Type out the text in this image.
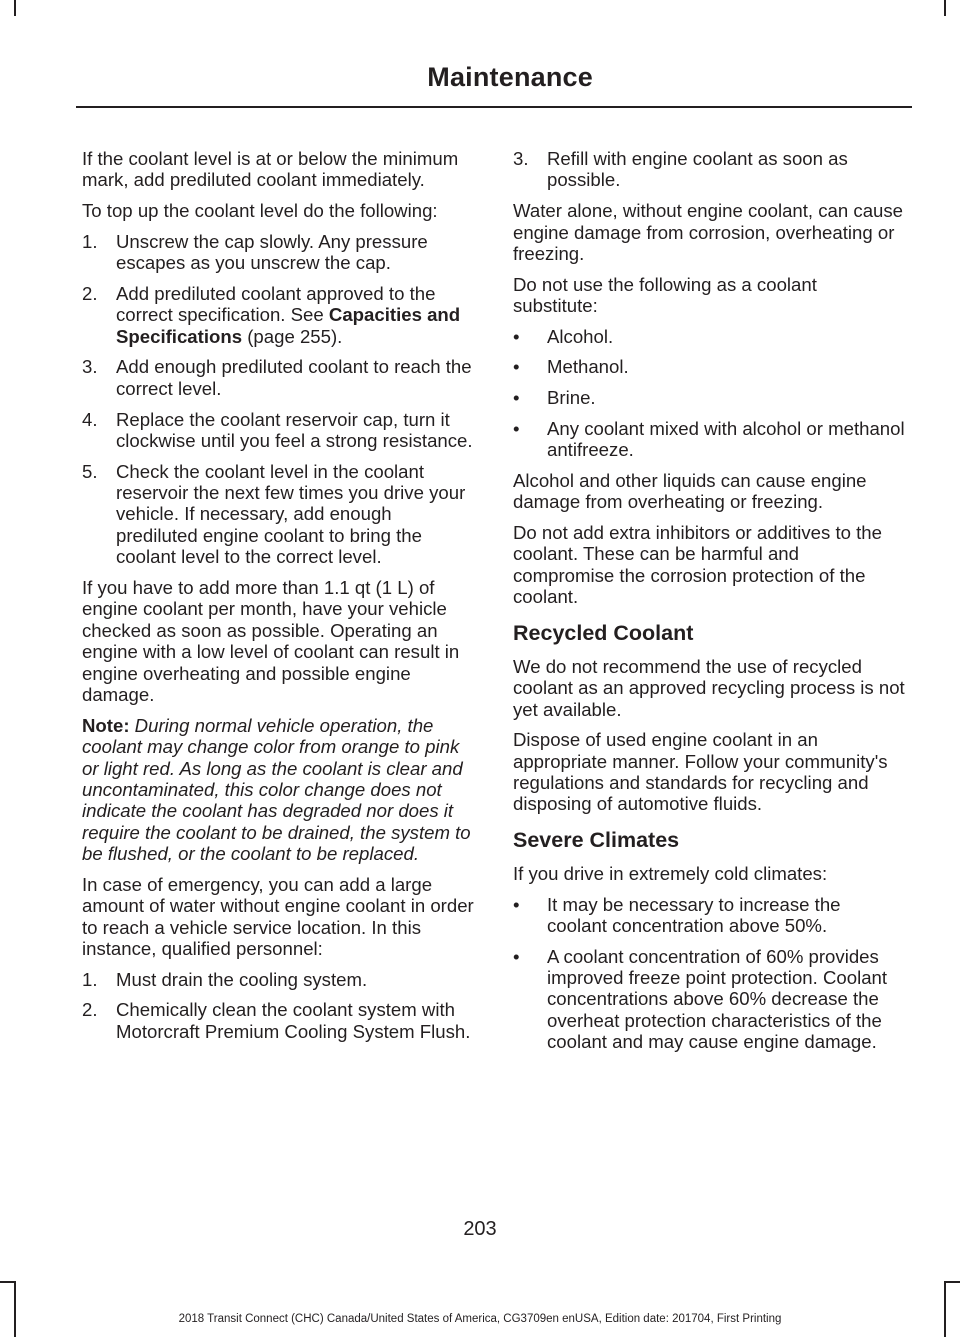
Maintenance
If the coolant level is at or below the minimum mark, add prediluted coolant immediately.
To top up the coolant level do the following:
1. Unscrew the cap slowly. Any pressure escapes as you unscrew the cap.
2. Add prediluted coolant approved to the correct specification. See Capacities and Specifications (page 255).
3. Add enough prediluted coolant to reach the correct level.
4. Replace the coolant reservoir cap, turn it clockwise until you feel a strong resistance.
5. Check the coolant level in the coolant reservoir the next few times you drive your vehicle. If necessary, add enough prediluted engine coolant to bring the coolant level to the correct level.
If you have to add more than 1.1 qt (1 L) of engine coolant per month, have your vehicle checked as soon as possible. Operating an engine with a low level of coolant can result in engine overheating and possible engine damage.
Note: During normal vehicle operation, the coolant may change color from orange to pink or light red. As long as the coolant is clear and uncontaminated, this color change does not indicate the coolant has degraded nor does it require the coolant to be drained, the system to be flushed, or the coolant to be replaced.
In case of emergency, you can add a large amount of water without engine coolant in order to reach a vehicle service location. In this instance, qualified personnel:
1. Must drain the cooling system.
2. Chemically clean the coolant system with Motorcraft Premium Cooling System Flush.
3. Refill with engine coolant as soon as possible.
Water alone, without engine coolant, can cause engine damage from corrosion, overheating or freezing.
Do not use the following as a coolant substitute:
• Alcohol.
• Methanol.
• Brine.
• Any coolant mixed with alcohol or methanol antifreeze.
Alcohol and other liquids can cause engine damage from overheating or freezing.
Do not add extra inhibitors or additives to the coolant. These can be harmful and compromise the corrosion protection of the coolant.
Recycled Coolant
We do not recommend the use of recycled coolant as an approved recycling process is not yet available.
Dispose of used engine coolant in an appropriate manner. Follow your community's regulations and standards for recycling and disposing of automotive fluids.
Severe Climates
If you drive in extremely cold climates:
• It may be necessary to increase the coolant concentration above 50%.
• A coolant concentration of 60% provides improved freeze point protection. Coolant concentrations above 60% decrease the overheat protection characteristics of the coolant and may cause engine damage.
203
2018 Transit Connect (CHC) Canada/United States of America, CG3709en enUSA, Edition date: 201704, First Printing
